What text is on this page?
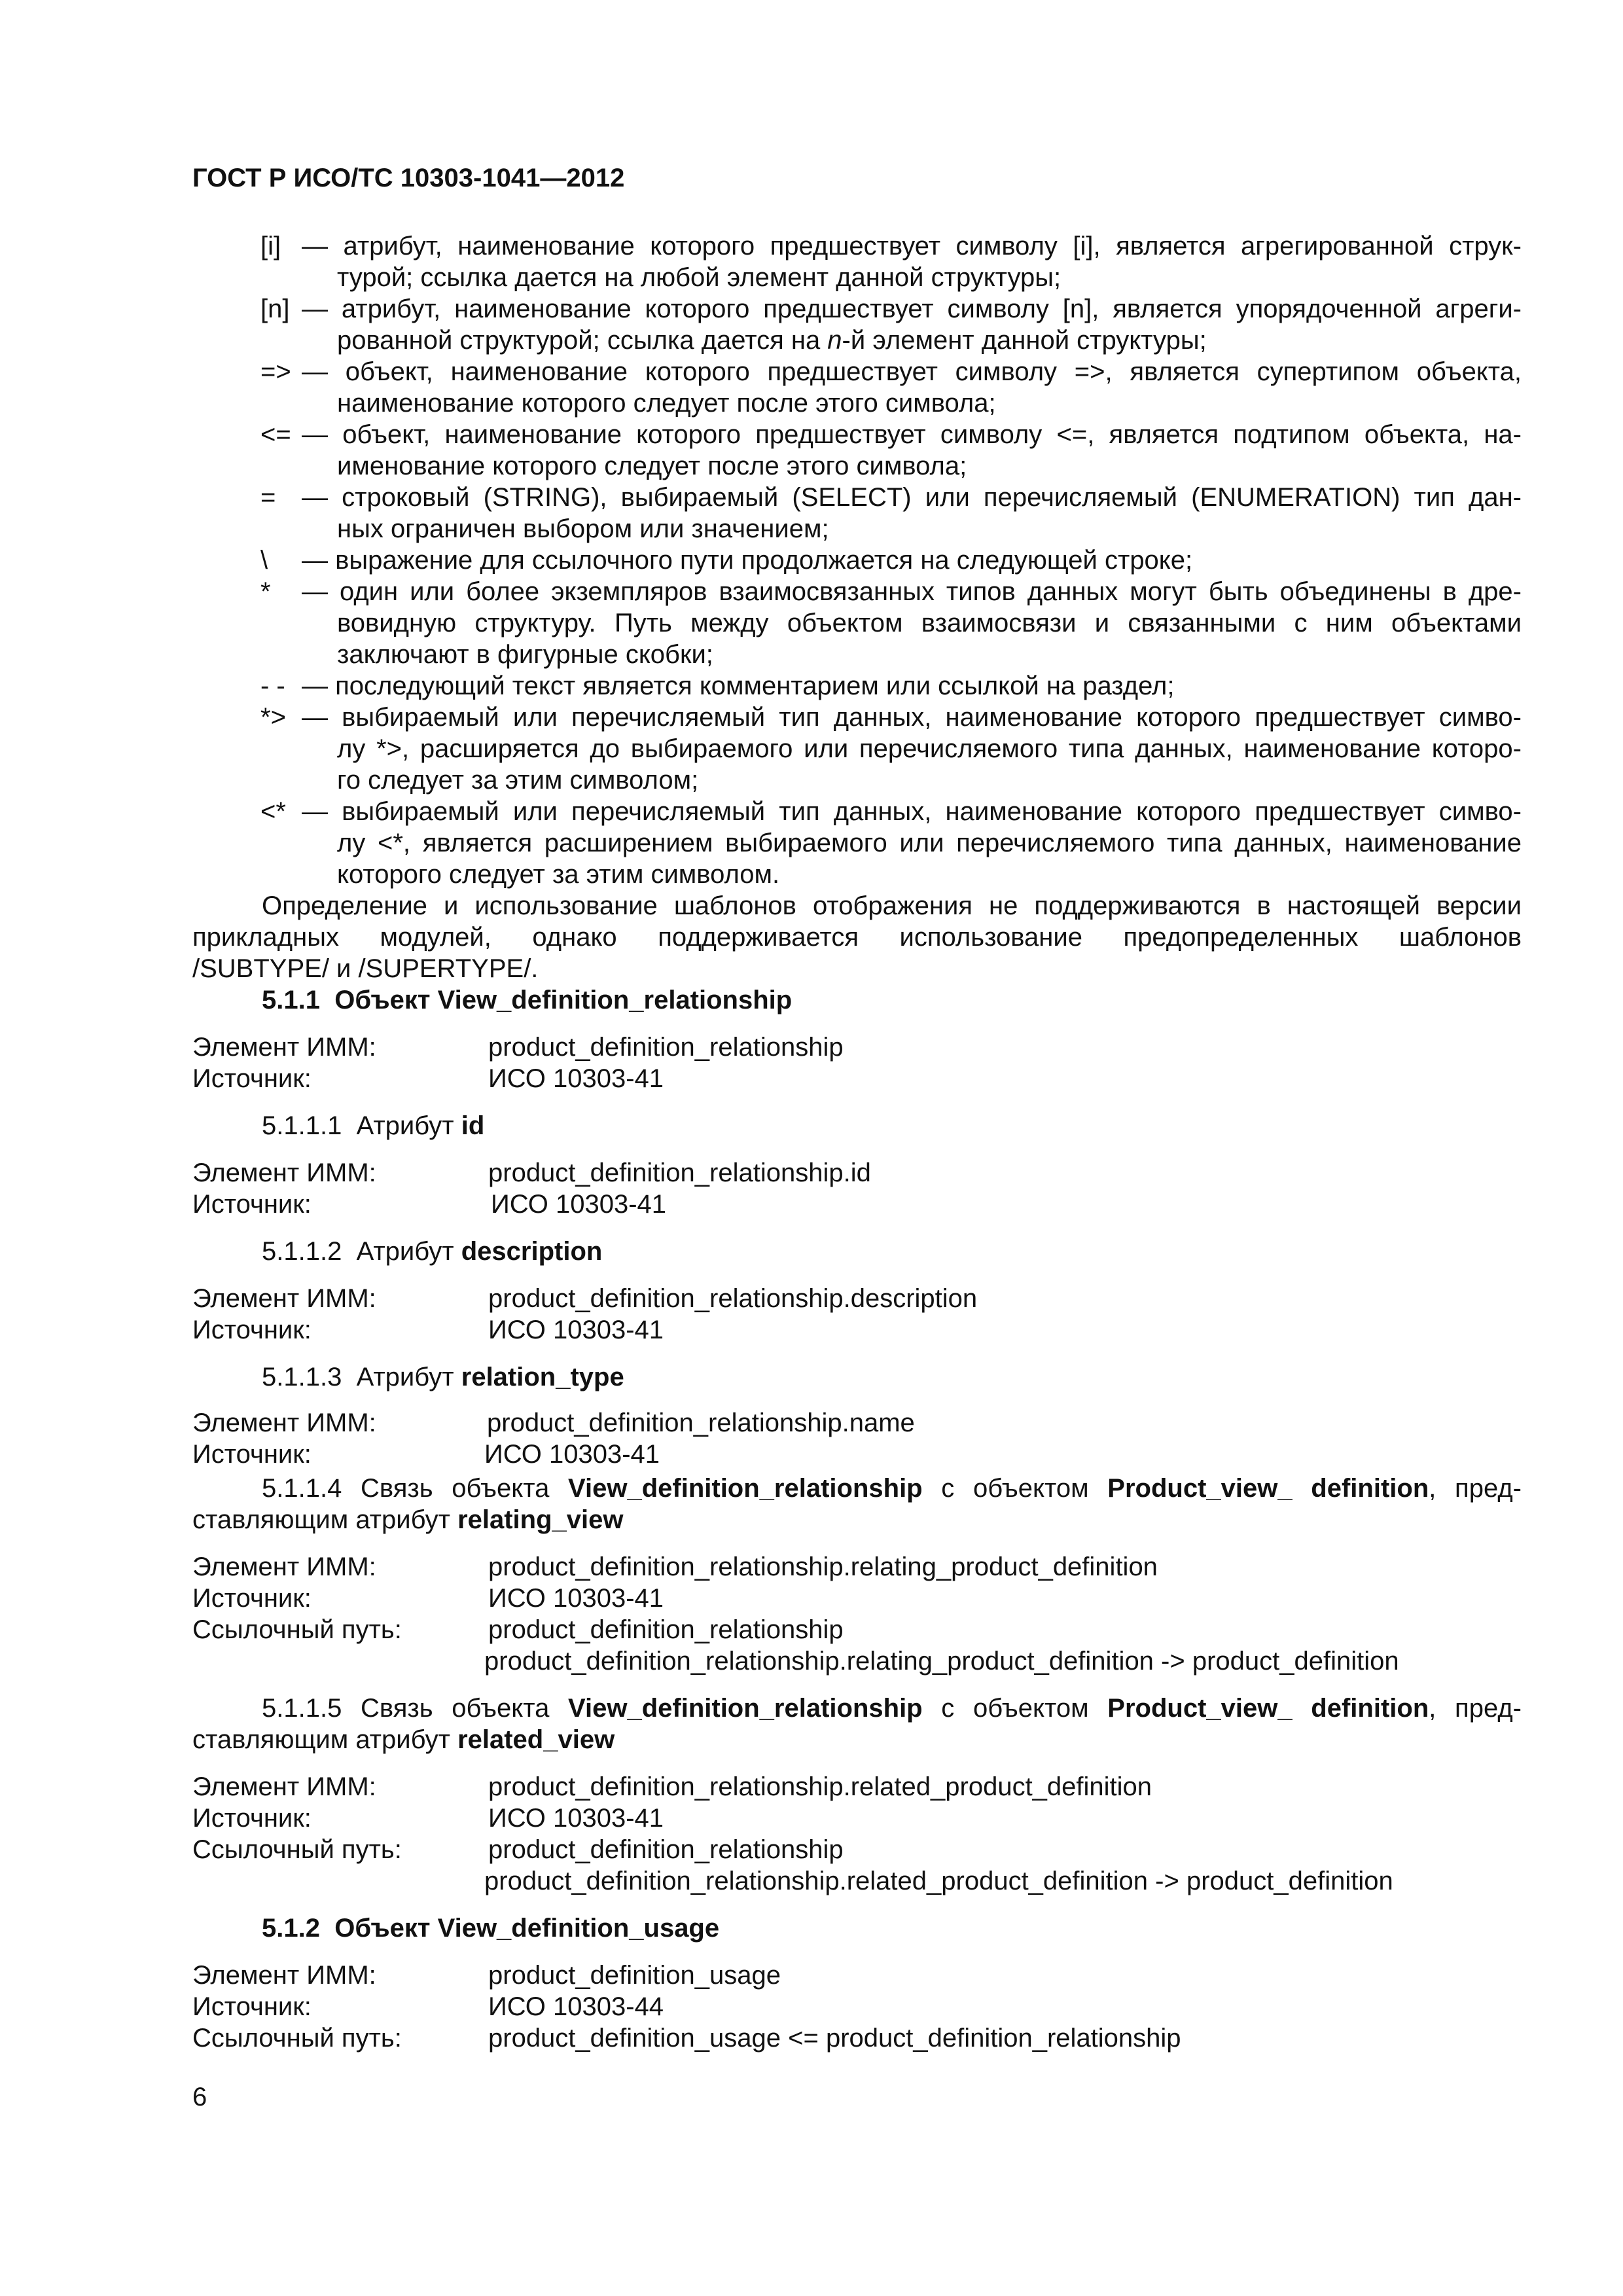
ГОСТ Р ИСО/ТС 10303-1041—2012
[i] — атрибут, наименование которого предшествует символу [i], является агрегированной струк-
турой; ссылка дается на любой элемент данной структуры;
[n] — атрибут, наименование которого предшествует символу [n], является упорядоченной агреги-
рованной структурой; ссылка дается на n-й элемент данной структуры;
=> — объект, наименование которого предшествует символу =>, является супертипом объекта,
наименование которого следует после этого символа;
<= — объект, наименование которого предшествует символу <=, является подтипом объекта, на-
именование которого следует после этого символа;
= — строковый (STRING), выбираемый (SELECT) или перечисляемый (ENUMERATION) тип дан-
ных ограничен выбором или значением;
\ — выражение для ссылочного пути продолжается на следующей строке;
* — один или более экземпляров взаимосвязанных типов данных могут быть объединены в дре-
вовидную структуру. Путь между объектом взаимосвязи и связанными с ним объектами
заключают в фигурные скобки;
- - — последующий текст является комментарием или ссылкой на раздел;
*> — выбираемый или перечисляемый тип данных, наименование которого предшествует симво-
лу *>, расширяется до выбираемого или перечисляемого типа данных, наименование которо-
го следует за этим символом;
<* — выбираемый или перечисляемый тип данных, наименование которого предшествует симво-
лу <*, является расширением выбираемого или перечисляемого типа данных, наименование
которого следует за этим символом.
Определение и использование шаблонов отображения не поддерживаются в настоящей версии
прикладных модулей, однако поддерживается использование предопределенных шаблонов
/SUBTYPE/ и /SUPERTYPE/.
5.1.1 Объект View_definition_relationship
Элемент ИММ:	product_definition_relationship
Источник:	ИСО 10303-41
5.1.1.1 Атрибут id
Элемент ИММ:	product_definition_relationship.id
Источник:	ИСО 10303-41
5.1.1.2 Атрибут description
Элемент ИММ:	product_definition_relationship.description
Источник:	ИСО 10303-41
5.1.1.3 Атрибут relation_type
Элемент ИММ:	product_definition_relationship.name
Источник:	ИСО 10303-41
5.1.1.4 Связь объекта View_definition_relationship с объектом Product_view_ definition, пред-
ставляющим атрибут relating_view
Элемент ИММ:	product_definition_relationship.relating_product_definition
Источник:	ИСО 10303-41
Ссылочный путь:	product_definition_relationship
product_definition_relationship.relating_product_definition -> product_definition
5.1.1.5 Связь объекта View_definition_relationship с объектом Product_view_ definition, пред-
ставляющим атрибут related_view
Элемент ИММ:	product_definition_relationship.related_product_definition
Источник:	ИСО 10303-41
Ссылочный путь:	product_definition_relationship
product_definition_relationship.related_product_definition -> product_definition
5.1.2 Объект View_definition_usage
Элемент ИММ:	product_definition_usage
Источник:	ИСО 10303-44
Ссылочный путь:	product_definition_usage <= product_definition_relationship
6
